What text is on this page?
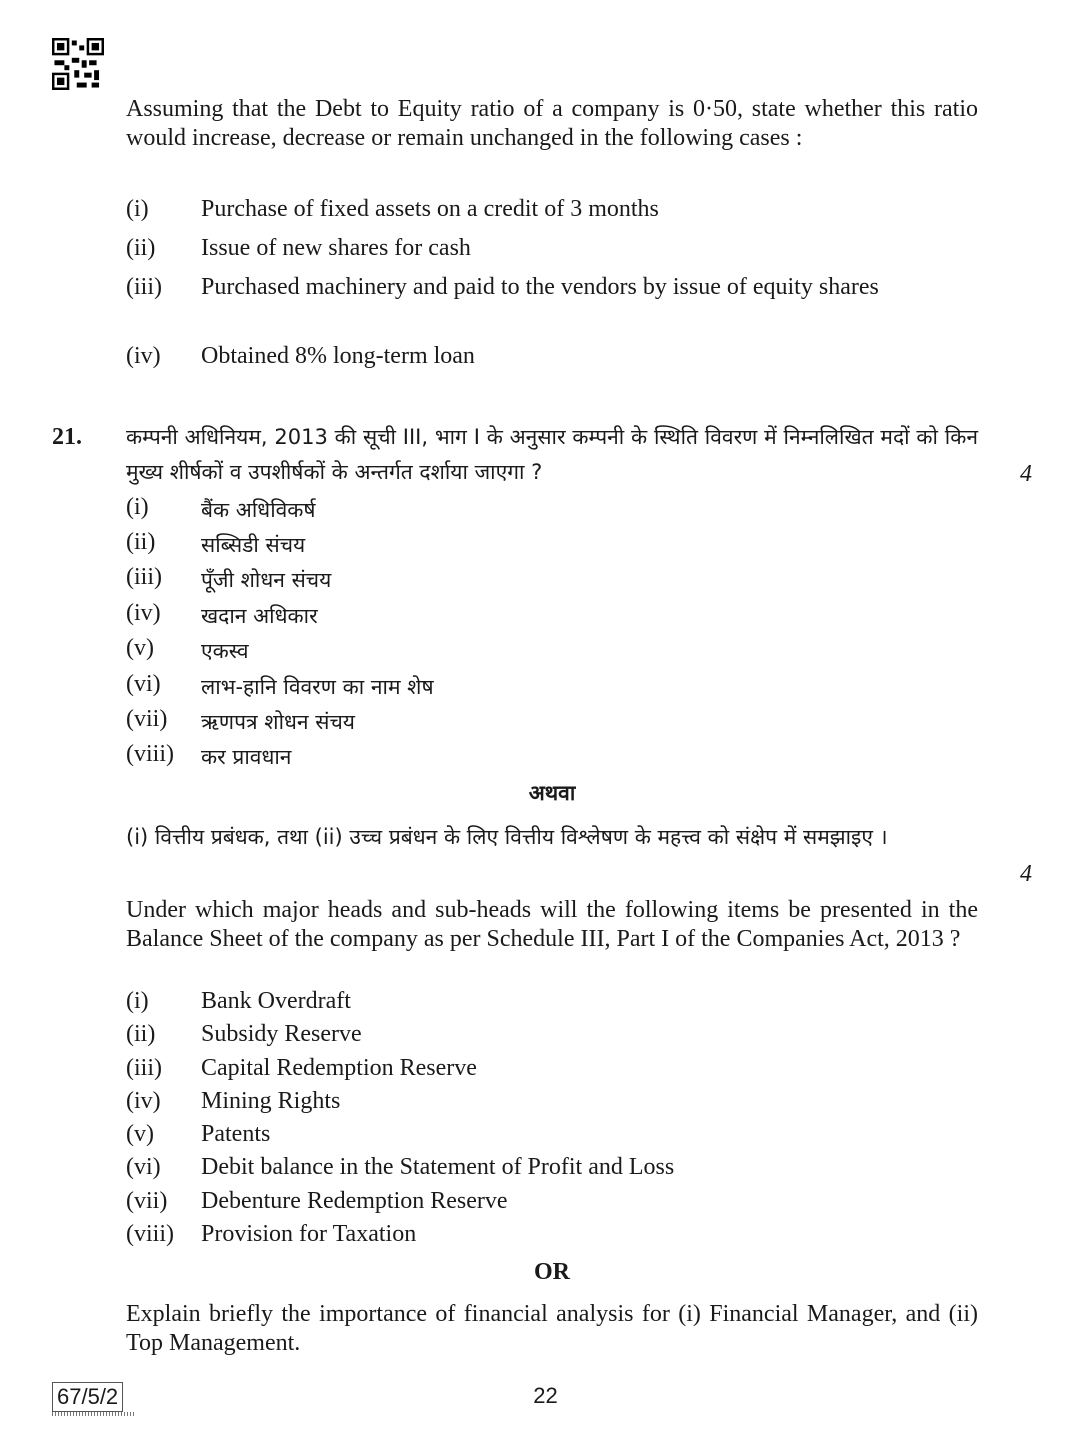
Assuming that the Debt to Equity ratio of a company is 0·50, state whether this ratio would increase, decrease or remain unchanged in the following cases :

(i) Purchase of fixed assets on a credit of 3 months
(ii) Issue of new shares for cash
(iii) Purchased machinery and paid to the vendors by issue of equity shares
(iv) Obtained 8% long-term loan
21. कम्पनी अधिनियम, 2013 की सूची III, भाग I के अनुसार कम्पनी के स्थिति विवरण में निम्नलिखित मदों को किन मुख्य शीर्षकों व उपशीर्षकों के अन्तर्गत दर्शाया जाएगा ?	4
(i) बैंक अधिविकर्ष
(ii) सब्सिडी संचय
(iii) पूँजी शोधन संचय
(iv) खदान अधिकार
(v) एकस्व
(vi) लाभ-हानि विवरण का नाम शेष
(vii) ऋणपत्र शोधन संचय
(viii) कर प्रावधान

अथवा

(i) वित्तीय प्रबंधक, तथा (ii) उच्च प्रबंधन के लिए वित्तीय विश्लेषण के महत्त्व को संक्षेप में समझाइए ।

4

Under which major heads and sub-heads will the following items be presented in the Balance Sheet of the company as per Schedule III, Part I of the Companies Act, 2013 ?

(i) Bank Overdraft
(ii) Subsidy Reserve
(iii) Capital Redemption Reserve
(iv) Mining Rights
(v) Patents
(vi) Debit balance in the Statement of Profit and Loss
(vii) Debenture Redemption Reserve
(viii) Provision for Taxation

OR

Explain briefly the importance of financial analysis for (i) Financial Manager, and (ii) Top Management.

67/5/2	22
